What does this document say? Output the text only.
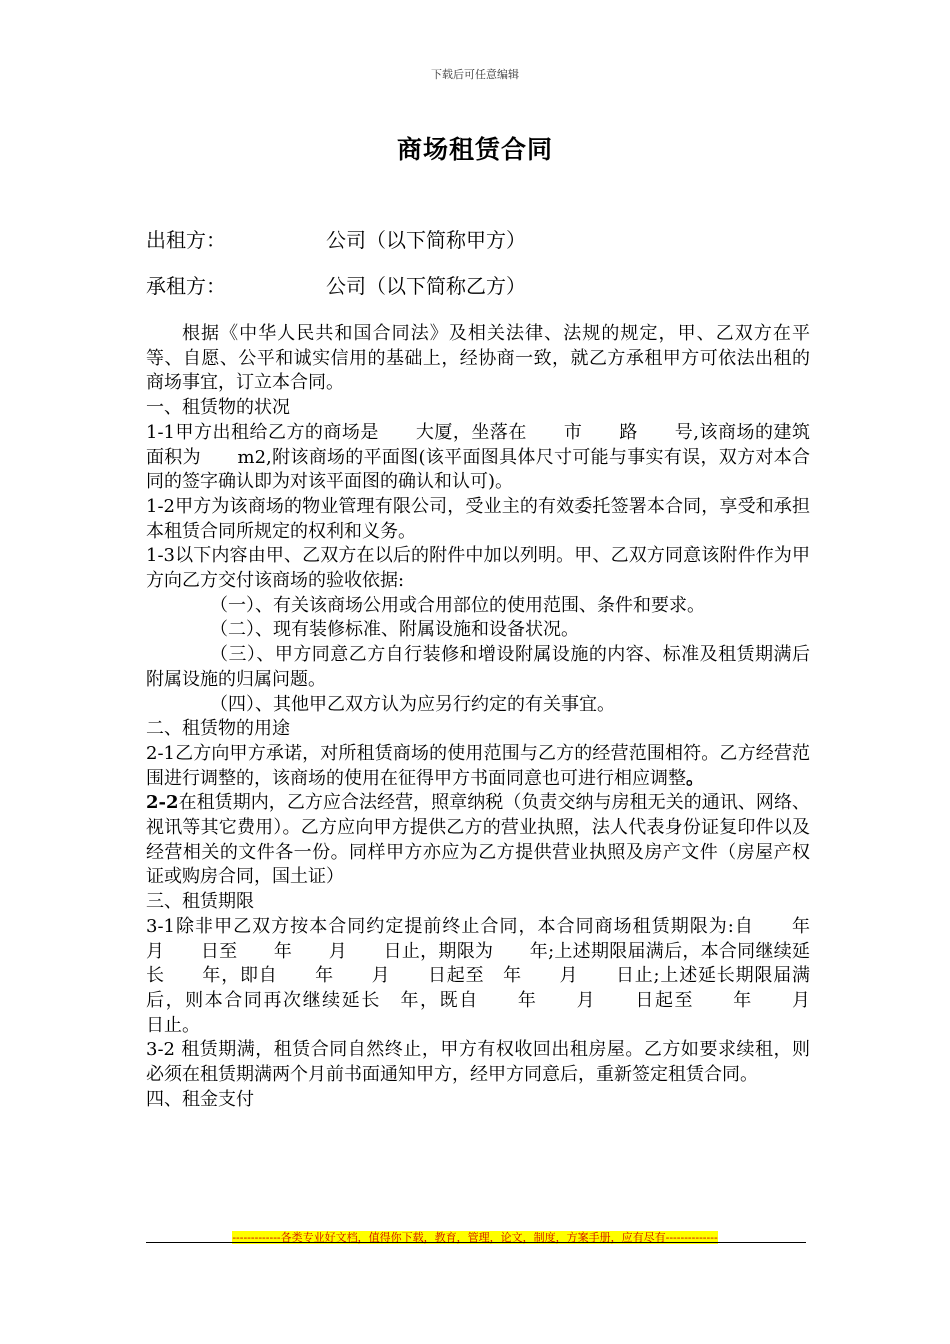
下载后可任意编辑
商场租赁合同
出租方：	公司（以下简称甲方）
承租方：	公司（以下简称乙方）

根据《中华人民共和国合同法》及相关法律、法规的规定，甲、乙双方在平等、自愿、公平和诚实信用的基础上，经协商一致，就乙方承租甲方可依法出租的商场事宜，订立本合同。

一、租赁物的状况

1-1甲方出租给乙方的商场是　　大厦，坐落在　　市　　路　　号,该商场的建筑面积为　　m2,附该商场的平面图(该平面图具体尺寸可能与事实有误，双方对本合同的签字确认即为对该平面图的确认和认可)。

1-2甲方为该商场的物业管理有限公司，受业主的有效委托签署本合同，享受和承担本租赁合同所规定的权利和义务。

1-3以下内容由甲、乙双方在以后的附件中加以列明。甲、乙双方同意该附件作为甲方向乙方交付该商场的验收依据:

（一）、有关该商场公用或合用部位的使用范围、条件和要求。

（二）、现有装修标准、附属设施和设备状况。

（三）、甲方同意乙方自行装修和增设附属设施的内容、标准及租赁期满后附属设施的归属问题。

（四）、其他甲乙双方认为应另行约定的有关事宜。

二、租赁物的用途

2-1乙方向甲方承诺，对所租赁商场的使用范围与乙方的经营范围相符。乙方经营范围进行调整的，该商场的使用在征得甲方书面同意也可进行相应调整。

2-2在租赁期内，乙方应合法经营，照章纳税（负责交纳与房租无关的通讯、网络、视讯等其它费用）。乙方应向甲方提供乙方的营业执照，法人代表身份证复印件以及经营相关的文件各一份。同样甲方亦应为乙方提供营业执照及房产文件（房屋产权证或购房合同，国土证）

三、租赁期限

3-1除非甲乙双方按本合同约定提前终止合同，本合同商场租赁期限为:自　　年　　月　　日至　　年　　月　　日止，期限为　　年;上述期限届满后，本合同继续延长　　年，即自　　年　　月　　日起至　年　　月　　日止;上述延长期限届满后，则本合同再次继续延长　年，既自　　年　　月　　日起至　　年　　月　　日止。

3-2 租赁期满，租赁合同自然终止，甲方有权收回出租房屋。乙方如要求续租，则必须在租赁期满两个月前书面通知甲方，经甲方同意后，重新签定租赁合同。

四、租金支付

-------------各类专业好文档，值得你下载，教育，管理，论文，制度，方案手册，应有尽有--------------
